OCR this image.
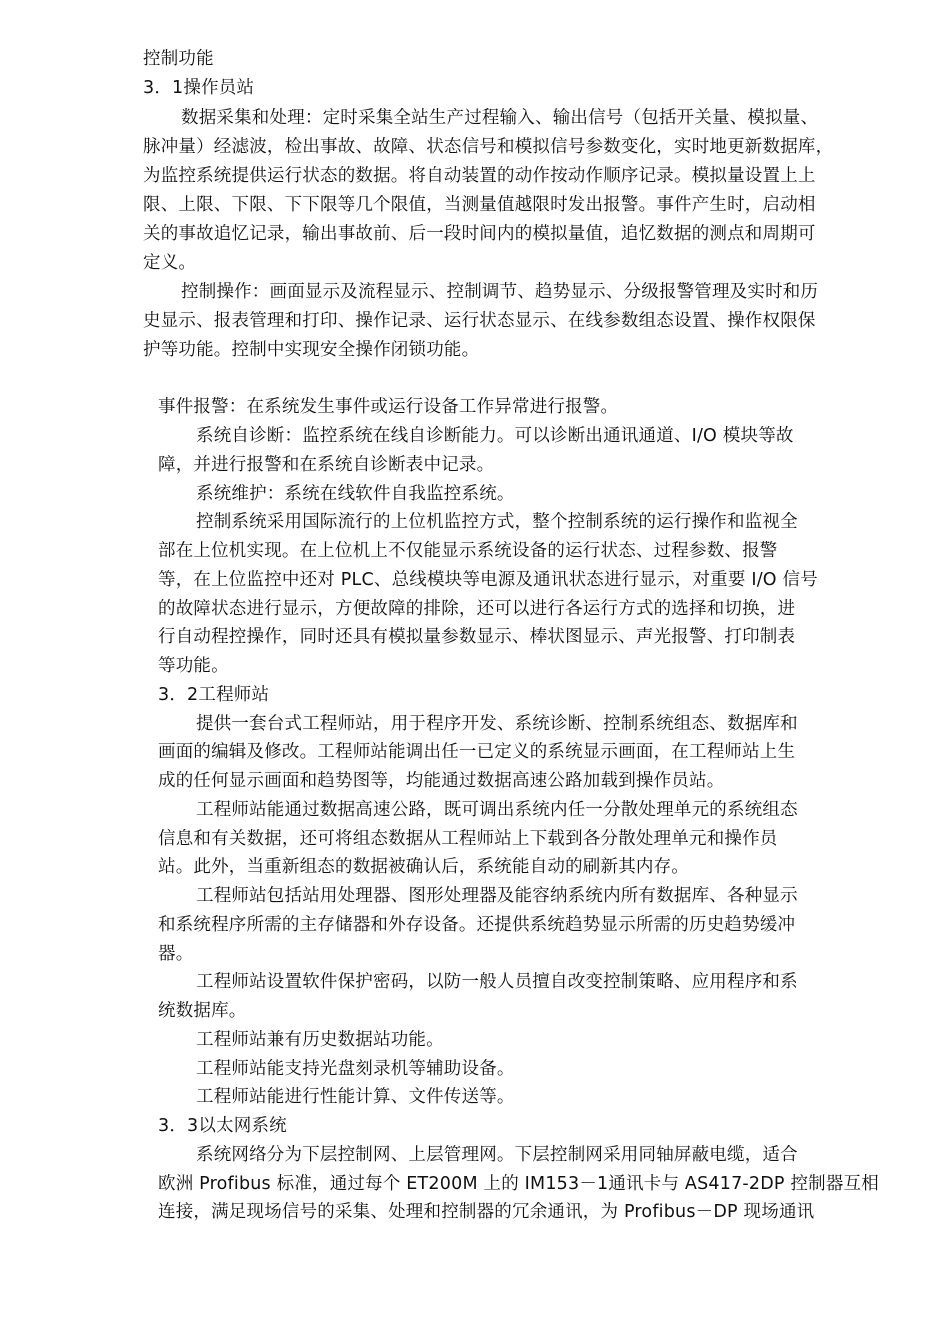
控制功能
3．1操作员站
数据采集和处理：定时采集全站生产过程输入、输出信号（包括开关量、模拟量、
脉冲量）经滤波，检出事故、故障、状态信号和模拟信号参数变化，实时地更新数据库，
为监控系统提供运行状态的数据。将自动装置的动作按动作顺序记录。模拟量设置上上
限、上限、下限、下下限等几个限值，当测量值越限时发出报警。事件产生时，启动相
关的事故追忆记录，输出事故前、后一段时间内的模拟量值，追忆数据的测点和周期可
定义。
控制操作：画面显示及流程显示、控制调节、趋势显示、分级报警管理及实时和历
史显示、报表管理和打印、操作记录、运行状态显示、在线参数组态设置、操作权限保
护等功能。控制中实现安全操作闭锁功能。
事件报警：在系统发生事件或运行设备工作异常进行报警。
系统自诊断：监控系统在线自诊断能力。可以诊断出通讯通道、I/O 模块等故
障，并进行报警和在系统自诊断表中记录。
系统维护：系统在线软件自我监控系统。
控制系统采用国际流行的上位机监控方式，整个控制系统的运行操作和监视全
部在上位机实现。在上位机上不仅能显示系统设备的运行状态、过程参数、报警
等，在上位监控中还对 PLC、总线模块等电源及通讯状态进行显示，对重要 I/O 信号
的故障状态进行显示，方便故障的排除，还可以进行各运行方式的选择和切换，进
行自动程控操作，同时还具有模拟量参数显示、棒状图显示、声光报警、打印制表
等功能。
3．2工程师站
提供一套台式工程师站，用于程序开发、系统诊断、控制系统组态、数据库和
画面的编辑及修改。工程师站能调出任一已定义的系统显示画面，在工程师站上生
成的任何显示画面和趋势图等，均能通过数据高速公路加载到操作员站。
工程师站能通过数据高速公路，既可调出系统内任一分散处理单元的系统组态
信息和有关数据，还可将组态数据从工程师站上下载到各分散处理单元和操作员
站。此外，当重新组态的数据被确认后，系统能自动的刷新其内存。
工程师站包括站用处理器、图形处理器及能容纳系统内所有数据库、各种显示
和系统程序所需的主存储器和外存设备。还提供系统趋势显示所需的历史趋势缓冲
器。
工程师站设置软件保护密码，以防一般人员擅自改变控制策略、应用程序和系
统数据库。
工程师站兼有历史数据站功能。
工程师站能支持光盘刻录机等辅助设备。
工程师站能进行性能计算、文件传送等。
3．3以太网系统
系统网络分为下层控制网、上层管理网。下层控制网采用同轴屏蔽电缆，适合
欧洲 Profibus 标准，通过每个 ET200M 上的 IM153－1通讯卡与 AS417-2DP 控制器互相
连接，满足现场信号的采集、处理和控制器的冗余通讯，为 Profibus－DP 现场通讯
